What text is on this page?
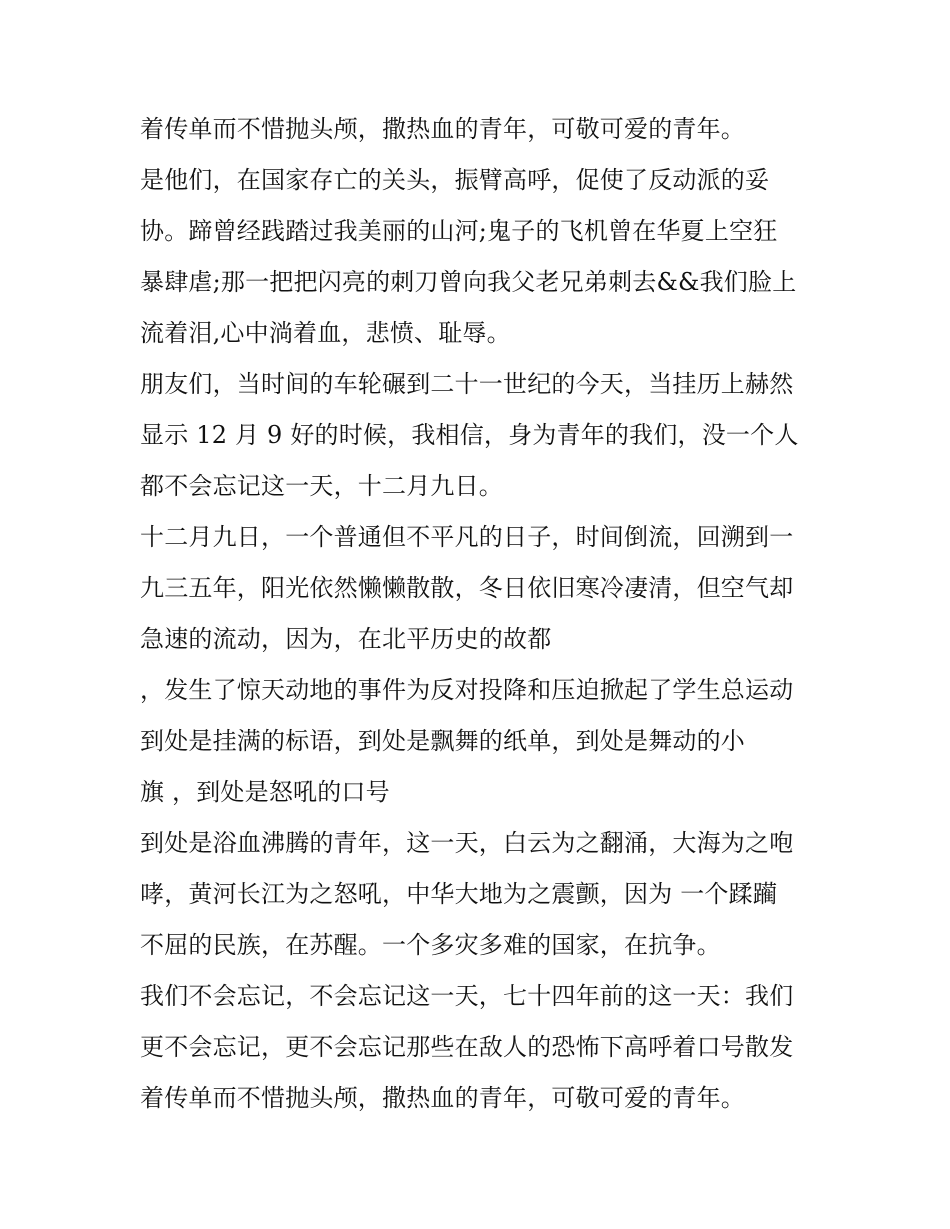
着传单而不惜抛头颅，撒热血的青年，可敬可爱的青年。
是他们，在国家存亡的关头，振臂高呼，促使了反动派的妥
协。蹄曾经践踏过我美丽的山河;鬼子的飞机曾在华夏上空狂
暴肆虐;那一把把闪亮的刺刀曾向我父老兄弟刺去&&我们脸上
流着泪,心中淌着血，悲愤、耻辱。
朋友们，当时间的车轮碾到二十一世纪的今天，当挂历上赫然
显示 12 月 9 好的时候，我相信，身为青年的我们，没一个人
都不会忘记这一天，十二月九日。
十二月九日，一个普通但不平凡的日子，时间倒流，回溯到一
九三五年，阳光依然懒懒散散，冬日依旧寒冷凄清，但空气却
急速的流动，因为，在北平历史的故都
，发生了惊天动地的事件为反对投降和压迫掀起了学生总运动
到处是挂满的标语，到处是飘舞的纸单，到处是舞动的小
旗 ，到处是怒吼的口号
到处是浴血沸腾的青年，这一天，白云为之翻涌，大海为之咆
哮，黄河长江为之怒吼，中华大地为之震颤，因为 一个蹂躏
不屈的民族，在苏醒。一个多灾多难的国家，在抗争。
我们不会忘记，不会忘记这一天，七十四年前的这一天：我们
更不会忘记，更不会忘记那些在敌人的恐怖下高呼着口号散发
着传单而不惜抛头颅，撒热血的青年，可敬可爱的青年。
